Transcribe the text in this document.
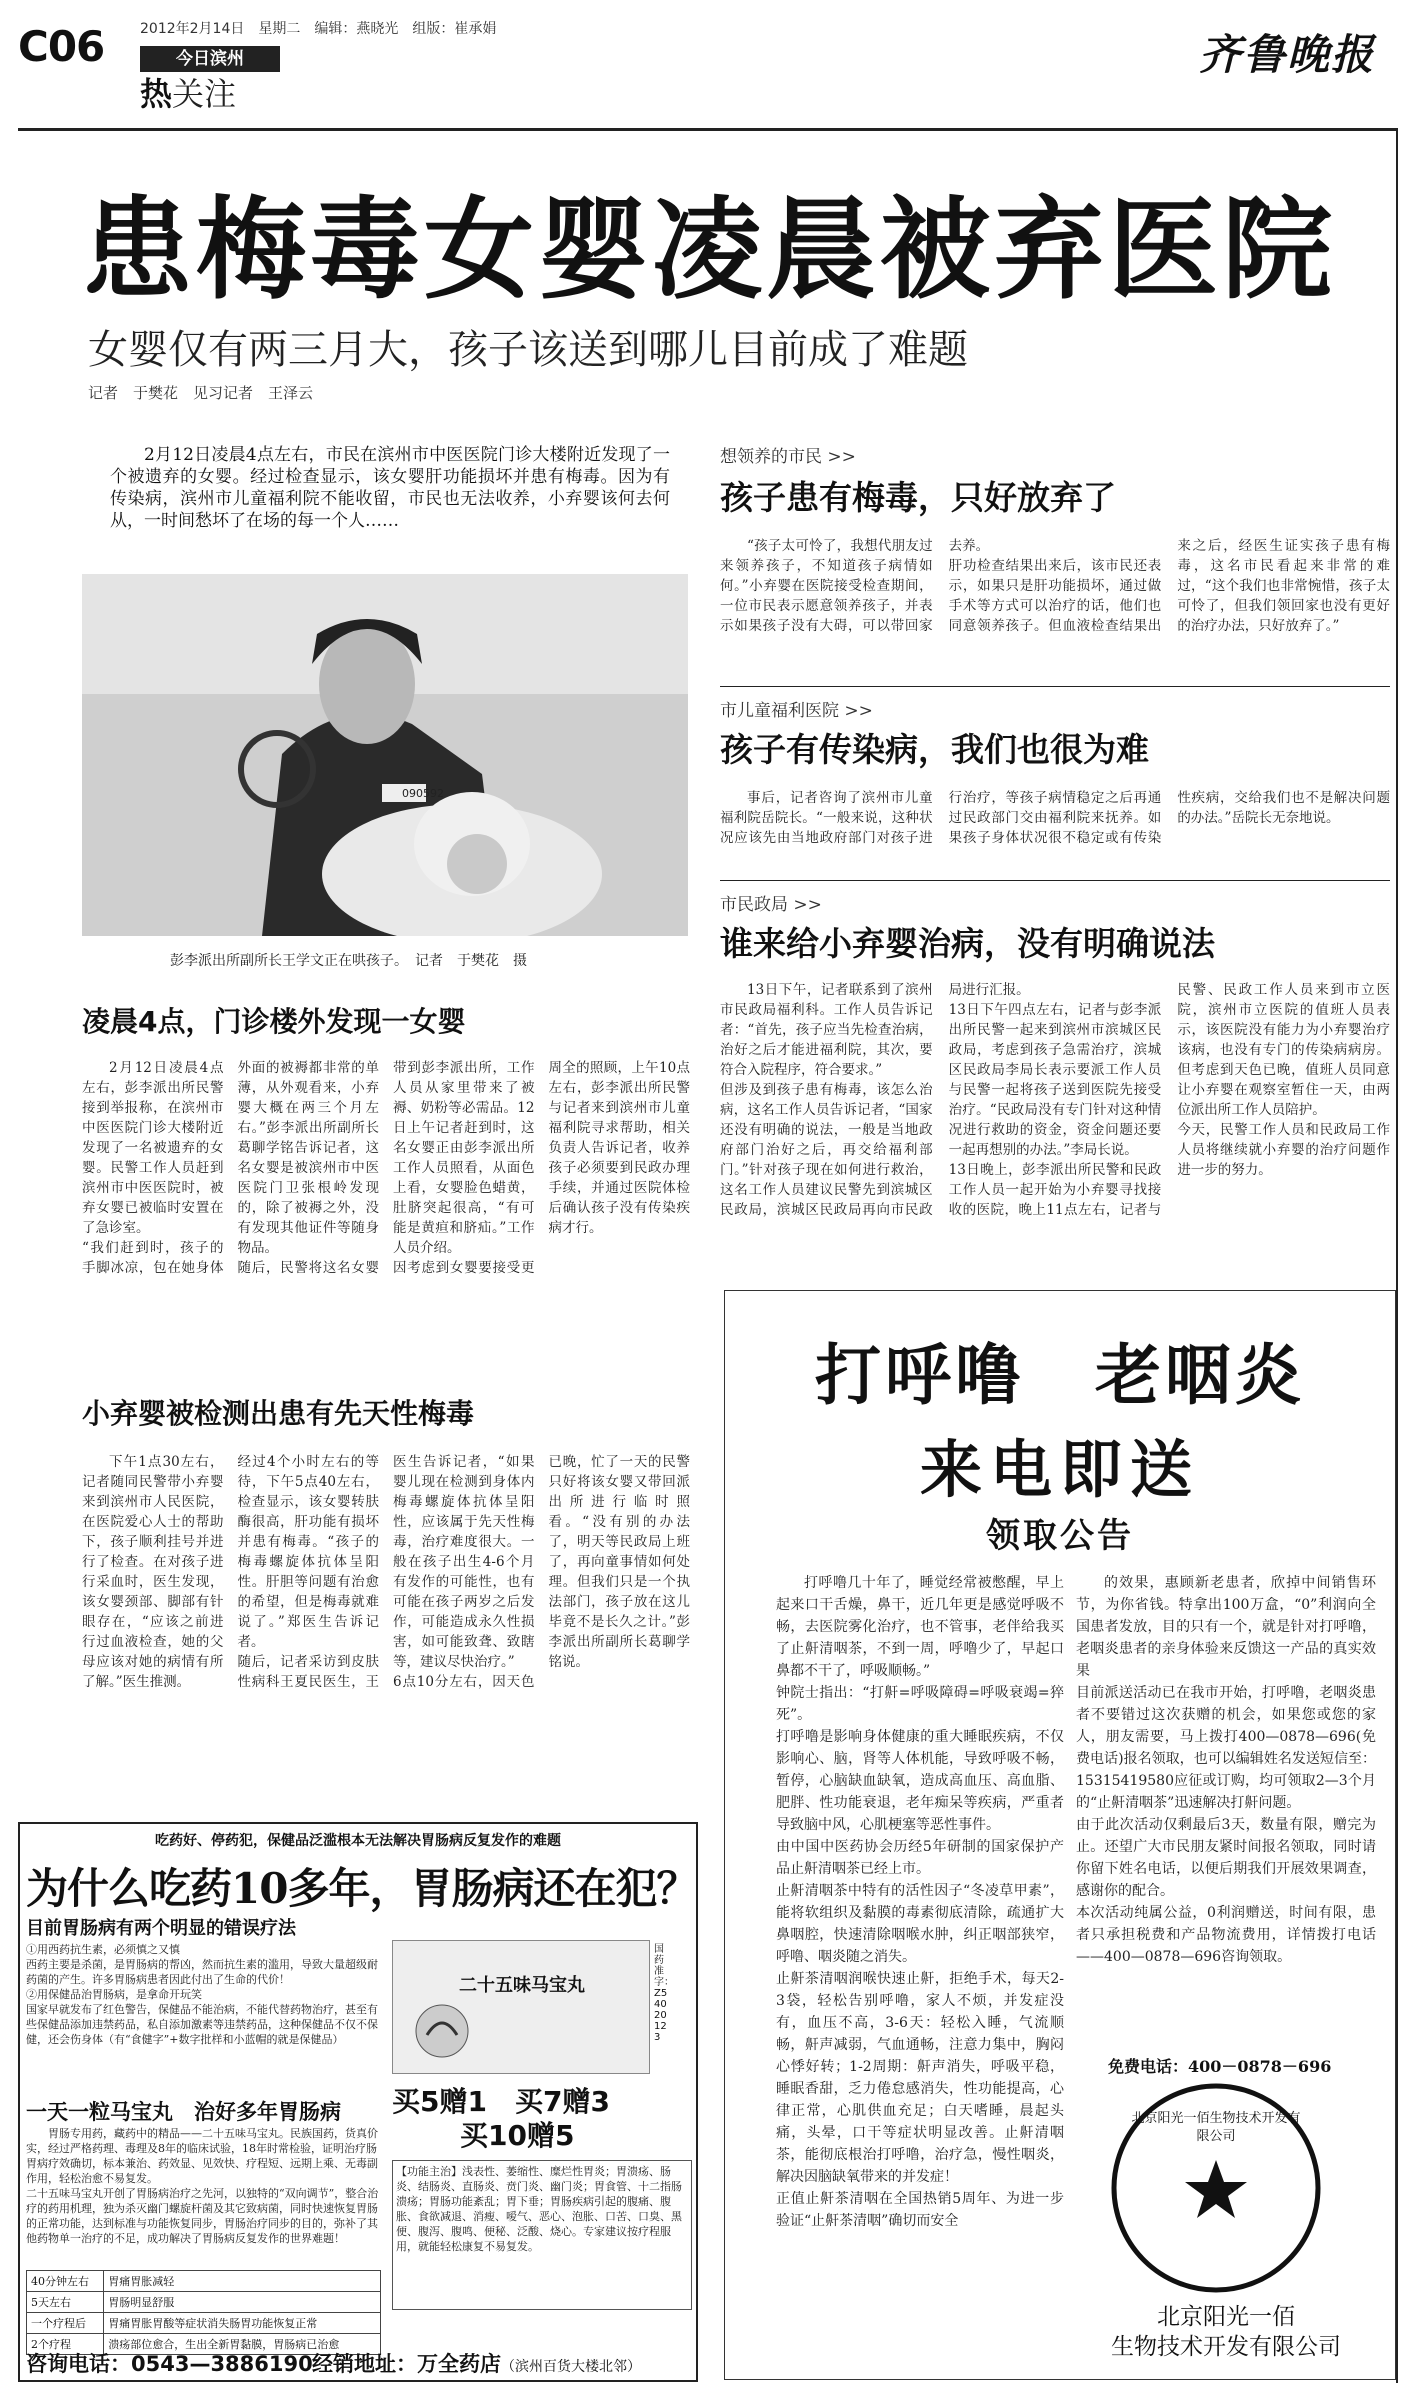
C06	2012年2月14日　星期二　编辑：燕晓光　组版：崔承娟
今日滨州
热关注
齐鲁晚报
患梅毒女婴凌晨被弃医院
女婴仅有两三月大，孩子该送到哪儿目前成了难题
记者　于樊花　见习记者　王泽云
2月12日凌晨4点左右，市民在滨州市中医医院门诊大楼附近发现了一个被遗弃的女婴。经过检查显示，该女婴肝功能损坏并患有梅毒。因为有传染病，滨州市儿童福利院不能收留，市民也无法收养，小弃婴该何去何从，一时间愁坏了在场的每一个人……
090592
彭李派出所副所长王学文正在哄孩子。　记者　于樊花　摄
凌晨4点，门诊楼外发现一女婴
2月12日凌晨4点左右，彭李派出所民警接到举报称，在滨州市中医医院门诊大楼附近发现了一名被遗弃的女婴。民警工作人员赶到滨州市中医医院时，被弃女婴已被临时安置在了急诊室。
“我们赶到时，孩子的手脚冰凉，包在她身体外面的被褥都非常的单薄，从外观看来，小弃婴大概在两三个月左右。”彭李派出所副所长葛聊学铭告诉记者，这名女婴是被滨州市中医医院门卫张根岭发现的，除了被褥之外，没有发现其他证件等随身物品。
随后，民警将这名女婴带到彭李派出所，工作人员从家里带来了被褥、奶粉等必需品。12日上午记者赶到时，这名女婴正由彭李派出所工作人员照看，从面色上看，女婴脸色蜡黄，肚脐突起很高，“有可能是黄疸和脐疝。”工作人员介绍。
因考虑到女婴要接受更周全的照顾，上午10点左右，彭李派出所民警与记者来到滨州市儿童福利院寻求帮助，相关负责人告诉记者，收养孩子必须要到民政办理手续，并通过医院体检后确认孩子没有传染疾病才行。
小弃婴被检测出患有先天性梅毒
下午1点30左右，记者随同民警带小弃婴来到滨州市人民医院，在医院爱心人士的帮助下，孩子顺利挂号并进行了检查。在对孩子进行采血时，医生发现，该女婴颈部、脚部有针眼存在，“应该之前进行过血液检查，她的父母应该对她的病情有所了解。”医生推测。
经过4个小时左右的等待，下午5点40左右，检查显示，该女婴转肤酶很高，肝功能有损坏并患有梅毒。“孩子的梅毒螺旋体抗体呈阳性。肝胆等问题有治愈的希望，但是梅毒就难说了。”郑医生告诉记者。
随后，记者采访到皮肤性病科王夏民医生，王医生告诉记者，“如果婴儿现在检测到身体内梅毒螺旋体抗体呈阳性，应该属于先天性梅毒，治疗难度很大。一般在孩子出生4-6个月有发作的可能性，也有可能在孩子两岁之后发作，可能造成永久性损害，如可能致聋、致瞎等，建议尽快治疗。”
6点10分左右，因天色已晚，忙了一天的民警只好将该女婴又带回派出所进行临时照看。“没有别的办法了，明天等民政局上班了，再向童事情如何处理。但我们只是一个执法部门，孩子放在这儿毕竟不是长久之计。”彭李派出所副所长葛聊学铭说。
想领养的市民 >>
孩子患有梅毒，只好放弃了
“孩子太可怜了，我想代朋友过来领养孩子，不知道孩子病情如何。”小弃婴在医院接受检查期间，一位市民表示愿意领养孩子，并表示如果孩子没有大碍，可以带回家去养。
肝功检查结果出来后，该市民还表示，如果只是肝功能损坏，通过做手术等方式可以治疗的话，他们也同意领养孩子。但血液检查结果出来之后，经医生证实孩子患有梅毒，这名市民看起来非常的难过，“这个我们也非常惋惜，孩子太可怜了，但我们领回家也没有更好的治疗办法，只好放弃了。”
市儿童福利医院 >>
孩子有传染病，我们也很为难
事后，记者咨询了滨州市儿童福利院岳院长。“一般来说，这种状况应该先由当地政府部门对孩子进行治疗，等孩子病情稳定之后再通过民政部门交由福利院来抚养。如果孩子身体状况很不稳定或有传染性疾病，交给我们也不是解决问题的办法。”岳院长无奈地说。
市民政局 >>
谁来给小弃婴治病，没有明确说法
13日下午，记者联系到了滨州市民政局福利科。工作人员告诉记者：“首先，孩子应当先检查治病，治好之后才能进福利院，其次，要符合入院程序，符合要求。”
但涉及到孩子患有梅毒，该怎么治病，这名工作人员告诉记者，“国家还没有明确的说法，一般是当地政府部门治好之后，再交给福利部门。”针对孩子现在如何进行救治，这名工作人员建议民警先到滨城区民政局，滨城区民政局再向市民政局进行汇报。
13日下午四点左右，记者与彭李派出所民警一起来到滨州市滨城区民政局，考虑到孩子急需治疗，滨城区民政局李局长表示要派工作人员与民警一起将孩子送到医院先接受治疗。“民政局没有专门针对这种情况进行救助的资金，资金问题还要一起再想别的办法。”李局长说。
13日晚上，彭李派出所民警和民政工作人员一起开始为小弃婴寻找接收的医院，晚上11点左右，记者与民警、民政工作人员来到市立医院，滨州市立医院的值班人员表示，该医院没有能力为小弃婴治疗该病，也没有专门的传染病病房。但考虑到天色已晚，值班人员同意让小弃婴在观察室暂住一天，由两位派出所工作人员陪护。
今天，民警工作人员和民政局工作人员将继续就小弃婴的治疗问题作进一步的努力。
打呼噜　老咽炎
来电即送
领取公告
打呼噜几十年了，睡觉经常被憋醒，早上起来口干舌燥，鼻干，近几年更是感觉呼吸不畅，去医院雾化治疗，也不管事，老伴给我买了止鼾清咽茶，不到一周，呼噜少了，早起口鼻都不干了，呼吸顺畅。”
钟院士指出：“打鼾=呼吸障碍=呼吸衰竭=猝死”。
打呼噜是影响身体健康的重大睡眠疾病，不仅影响心、脑，肾等人体机能，导致呼吸不畅，暂停，心脑缺血缺氧，造成高血压、高血脂、肥胖、性功能衰退，老年痴呆等疾病，严重者导致脑中风，心肌梗塞等恶性事件。
由中国中医药协会历经5年研制的国家保护产品止鼾清咽茶已经上市。
止鼾清咽茶中特有的活性因子“冬凌草甲素”，能将软组织及黏膜的毒素彻底清除，疏通扩大鼻咽腔，快速清除咽喉水肿，纠正咽部狭窄，呼噜、咽炎随之消失。
止鼾茶清咽润喉快速止鼾，拒绝手术，每天2-3袋，轻松告别呼噜，家人不烦，并发症没有，血压不高，3-6天：轻松入睡，气流顺畅，鼾声减弱，气血通畅，注意力集中，胸闷心悸好转；1-2周期：鼾声消失，呼吸平稳，睡眠香甜，乏力倦怠感消失，性功能提高，心律正常，心肌供血充足；白天嗜睡，晨起头痛，头晕，口干等症状明显改善。止鼾清咽茶，能彻底根治打呼噜，治疗急，慢性咽炎，解决因脑缺氧带来的并发症！
正值止鼾茶清咽在全国热销5周年、为进一步验证“止鼾茶清咽”确切而安全
的效果，惠顾新老患者，欣掉中间销售环节，为你省钱。特拿出100万盒，“0”利润向全国患者发放，目的只有一个，就是针对打呼噜，老咽炎患者的亲身体验来反馈这一产品的真实效果
目前派送活动已在我市开始，打呼噜，老咽炎患者不要错过这次获赠的机会，如果您或您的家人，朋友需要，马上拨打400—0878—696(免费电话)报名领取，也可以编辑姓名发送短信至：15315419580应征或订购，均可领取2—3个月的“止鼾清咽茶”迅速解决打鼾问题。
由于此次活动仅剩最后3天，数量有限，赠完为止。还望广大市民朋友紧时间报名领取，同时请你留下姓名电话，以便后期我们开展效果调查，感谢你的配合。
本次活动纯属公益，0利润赠送，时间有限，患者只承担税费和产品物流费用，详情拨打电话——400—0878—696咨询领取。
免费电话：400－0878－696
北京阳光一佰生物技术开发有限公司
北京阳光一佰
生物技术开发有限公司
吃药好、停药犯，保健品泛滥根本无法解决胃肠病反复发作的难题
为什么吃药10多年，胃肠病还在犯？
目前胃肠病有两个明显的错误疗法
①用西药抗生素，必须慎之又慎
西药主要是杀菌，是胃肠病的帮凶，然而抗生素的滥用，导致大量超级耐药菌的产生。许多胃肠病患者因此付出了生命的代价！
②用保健品治胃肠病，是拿命开玩笑
国家早就发布了红色警告，保健品不能治病，不能代替药物治疗，甚至有些保健品添加违禁药品，私自添加激素等违禁药品，这种保健品不仅不保健，还会伤身体（有“食健字”+数字批样和小蓝帽的就是保健品）
一天一粒马宝丸　治好多年胃肠病
胃肠专用药，藏药中的精品——二十五味马宝丸。民族国药，货真价实，经过严格药理、毒理及8年的临床试验，18年时常检验，证明治疗肠胃病疗效确切，标本兼治、药效显、见效快、疗程短、远期上乘、无毒副作用，轻松治愈不易复发。
二十五味马宝丸开创了胃肠病治疗之先河，以独特的“双向调节”，整合治疗的药用机理，独为杀灭幽门螺旋杆菌及其它致病菌，同时快速恢复胃肠的正常功能，达到标准与功能恢复同步，胃肠治疗同步的目的，弥补了其他药物单一治疗的不足，成功解决了胃肠病反复发作的世界难题！
二十五味马宝丸
国药准字：Z54020123
买5赠1　买7赠3
买10赠5
40分钟左右	胃痛胃胀减轻
5天左右	胃肠明显舒服
一个疗程后	胃痛胃胀胃酸等症状消失肠胃功能恢复正常
2个疗程	溃疡部位愈合，生出全新胃黏膜，胃肠病已治愈
【功能主治】浅表性、萎缩性、糜烂性胃炎；胃溃疡、肠炎、结肠炎、直肠炎、贲门炎、幽门炎；胃食管、十二指肠溃疡；胃肠功能紊乱；胃下垂；胃肠疾病引起的腹痛、腹胀、食欲减退、消瘦、嗳气、恶心、泡胀、口苦、口臭、黑便、腹泻、腹鸣、便秘、泛酸、烧心。专家建议按疗程服用，就能轻松康复不易复发。
咨询电话：0543—3886190 经销地址：万全药店（滨州百货大楼北邻）
